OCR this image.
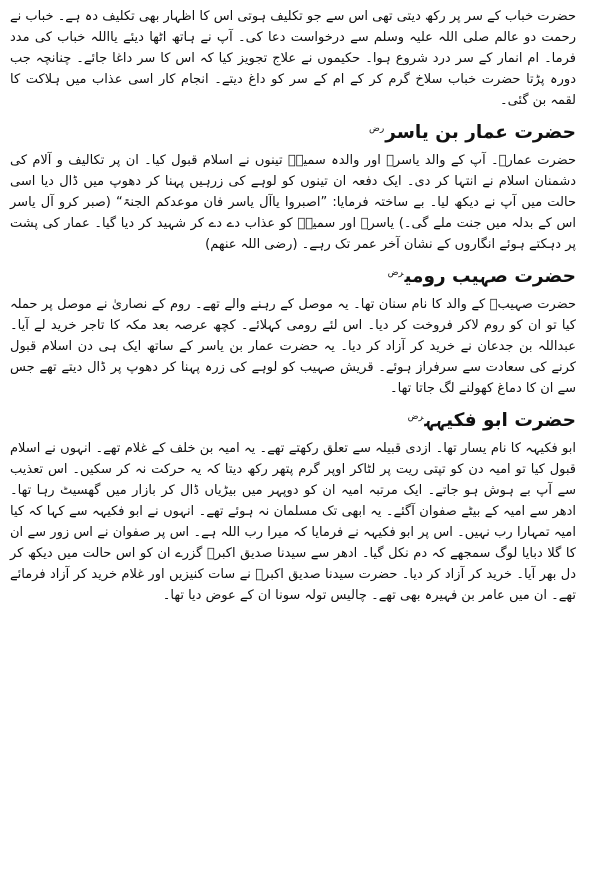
حضرت خباب کے سر پر رکھ دیتی تھی اس سے جو تکلیف ہوتی اس کا اظہار بھی تکلیف دہ ہے۔ خباب نے رحمت دو عالم صلی اللہ علیہ وسلم سے درخواست دعا کی۔ آپ نے ہاتھ اٹھا دیئے یااللہ خباب کی مدد فرما۔ ام انمار کے سر درد شروع ہوا۔ حکیموں نے علاج تجویز کیا کہ اس کا سر داغا جائے۔ چنانچہ جب دورہ پڑتا حضرت خباب سلاخ گرم کر کے ام کے سر کو داغ دیتے۔ انجام کار اسی عذاب میں ہلاکت کا لقمہ بن گئی۔

حضرت عمار بن یاسر$^{رض}$

حضرت عمارؓ۔ آپ کے والد یاسرؓ اور والدہ سمیہؓ تینوں نے اسلام قبول کیا۔ ان پر تکالیف و آلام کی دشمنان اسلام نے انتہا کر دی۔ ایک دفعہ ان تینوں کو لوہے کی زرہیں پہنا کر دھوپ میں ڈال دیا اسی حالت میں آپ نے دیکھ لیا۔ بے ساختہ فرمایا: ”اصبروا یاآل یاسر فان موعدکم الجنۃ“ (صبر کرو آل یاسر اس کے بدلہ میں جنت ملے گی۔) یاسرؓ اور سمیہؓ کو عذاب دے دے کر شہید کر دیا گیا۔ عمار کی پشت پر دہکتے ہوئے انگاروں کے نشان آخر عمر تک رہے۔ (رضی اللہ عنھم)

حضرت صہیب رومی$^{رض}$

حضرت صہیبؓ کے والد کا نام سنان تھا۔ یہ موصل کے رہنے والے تھے۔ روم کے نصاریٰ نے موصل پر حملہ کیا تو ان کو روم لاکر فروخت کر دیا۔ اس لئے رومی کہلائے۔ کچھ عرصہ بعد مکہ کا تاجر خرید لے آیا۔ عبداللہ بن جدعان نے خرید کر آزاد کر دیا۔ یہ حضرت عمار بن یاسر کے ساتھ ایک ہی دن اسلام قبول کرنے کی سعادت سے سرفراز ہوئے۔ قریش صہیب کو لوہے کی زرہ پہنا کر دھوپ پر ڈال دیتے تھے جس سے ان کا دماغ کھولنے لگ جاتا تھا۔

حضرت ابو فکیہہ$^{رض}$

ابو فکیہہ کا نام یسار تھا۔ ازدی قبیلہ سے تعلق رکھتے تھے۔ یہ امیہ بن خلف کے غلام تھے۔ انہوں نے اسلام قبول کیا تو امیہ دن کو تپتی ریت پر لٹاکر اوپر گرم پتھر رکھ دیتا کہ یہ حرکت نہ کر سکیں۔ اس تعذیب سے آپ بے ہوش ہو جاتے۔ ایک مرتبہ امیہ ان کو دوپہر میں بیڑیاں ڈال کر بازار میں گھسیٹ رہا تھا۔ ادھر سے امیہ کے بیٹے صفوان آگئے۔ یہ ابھی تک مسلمان نہ ہوئے تھے۔ انہوں نے ابو فکیہہ سے کہا کہ کیا امیہ تمہارا رب نہیں۔ اس پر ابو فکیہہ نے فرمایا کہ میرا رب اللہ ہے۔ اس پر صفوان نے اس زور سے ان کا گلا دبایا لوگ سمجھے کہ دم نکل گیا۔ ادھر سے سیدنا صدیق اکبرؓ گزرے ان کو اس حالت میں دیکھ کر دل بھر آیا۔ خرید کر آزاد کر دیا۔ حضرت سیدنا صدیق اکبرؓ نے سات کنیزیں اور غلام خرید کر آزاد فرمائے تھے۔ ان میں عامر بن فہیرہ بھی تھے۔ چالیس تولہ سونا ان کے عوض دیا تھا۔
